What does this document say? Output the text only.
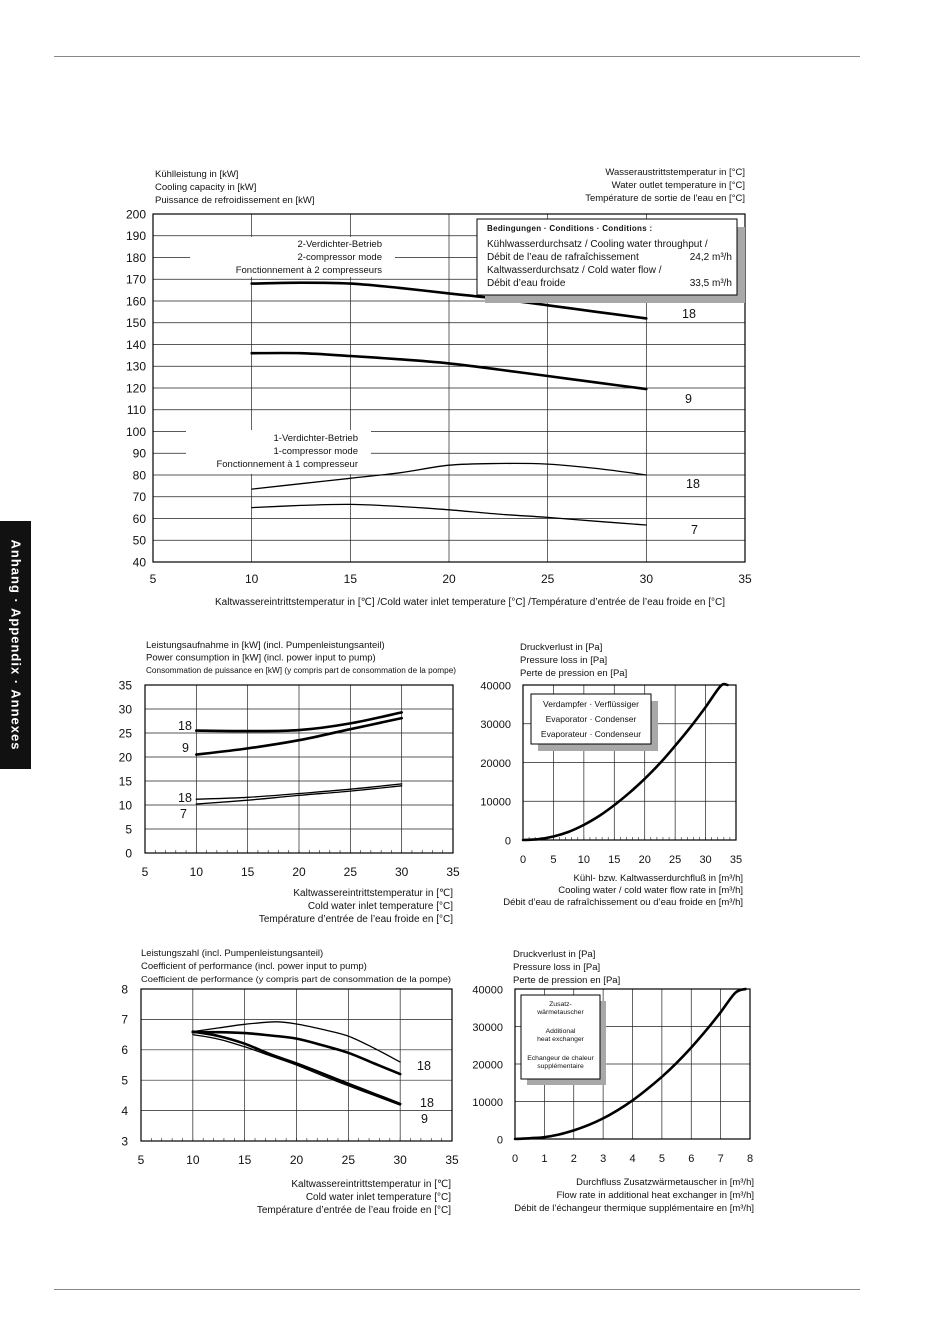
Anhang · Appendix · Annexes
18
9
18
7
5	10	15	20	25	30	35
40
50
60
70
80
90
100
110
120
130
140
150
160
170
180
190
200
Kühlleistung in [kW]
Cooling capacity in [kW]
Puissance de refroidissement en [kW]
Wasseraustrittstemperatur in [°C]
Water outlet temperature in [°C]
Température de sortie de l'eau en [°C]
Kaltwassereintrittstemperatur in [℃] /Cold water inlet temperature [°C] /Température d’entrée de l’eau froide en [°C]
2-Verdichter-Betrieb
2-compressor mode
Fonctionnement à 2 compresseurs
1-Verdichter-Betrieb
1-compressor mode
Fonctionnement à 1 compresseur
Bedingungen · Conditions · Conditions :
Kühlwasserdurchsatz / Cooling water throughput /
Débit de l’eau de rafraîchissement	24,2 m³/h
Kaltwasserdurchsatz / Cold water flow /
Débit d’eau froide	33,5 m³/h
18
9
18
7
5	10	15	20	25	30	35
0
5
10
15
20
25
30
35
Leistungsaufnahme in [kW] (incl. Pumpenleistungsanteil)
Power consumption in [kW] (incl. power input to pump)
Consommation de puissance en [kW] (y compris part de consommation de la pompe)
Kaltwassereintrittstemperatur in [℃]
Cold water inlet temperature [°C]
Température d’entrée de l’eau froide en [°C]
0 5 10 15 20 25 30 35
0
10000
20000
30000
40000
Druckverlust in [Pa]
Pressure loss in [Pa]
Perte de pression en [Pa]
Kühl- bzw. Kaltwasserdurchfluß in [m³/h]
Cooling water / cold water flow rate in [m³/h]
Débit d’eau de rafraîchissement ou d’eau froide en [m³/h]
Verdampfer · Verflüssiger
Evaporator · Condenser
Evaporateur · Condenseur
18
18
9
5	10	15	20	25	30	35
3
4
5
6
7
8
Leistungszahl (incl. Pumpenleistungsanteil)
Coefficient of performance (incl. power input to pump)
Coefficient de performance (y compris part de consommation de la pompe)
Kaltwassereintrittstemperatur in [℃]
Cold water inlet temperature [°C]
Température d’entrée de l’eau froide en [°C]
0 1 2 3 4 5 6 7 8
0
10000
20000
30000
40000
Druckverlust in [Pa]
Pressure loss in [Pa]
Perte de pression en [Pa]
Durchfluss Zusatzwärmetauscher in [m³/h]
Flow rate in additional heat exchanger in [m³/h]
Débit de l’échangeur thermique supplémentaire en [m³/h]
Zusatz-
wärmetauscher
Additional
heat exchanger
Echangeur de chaleur
supplémentaire
